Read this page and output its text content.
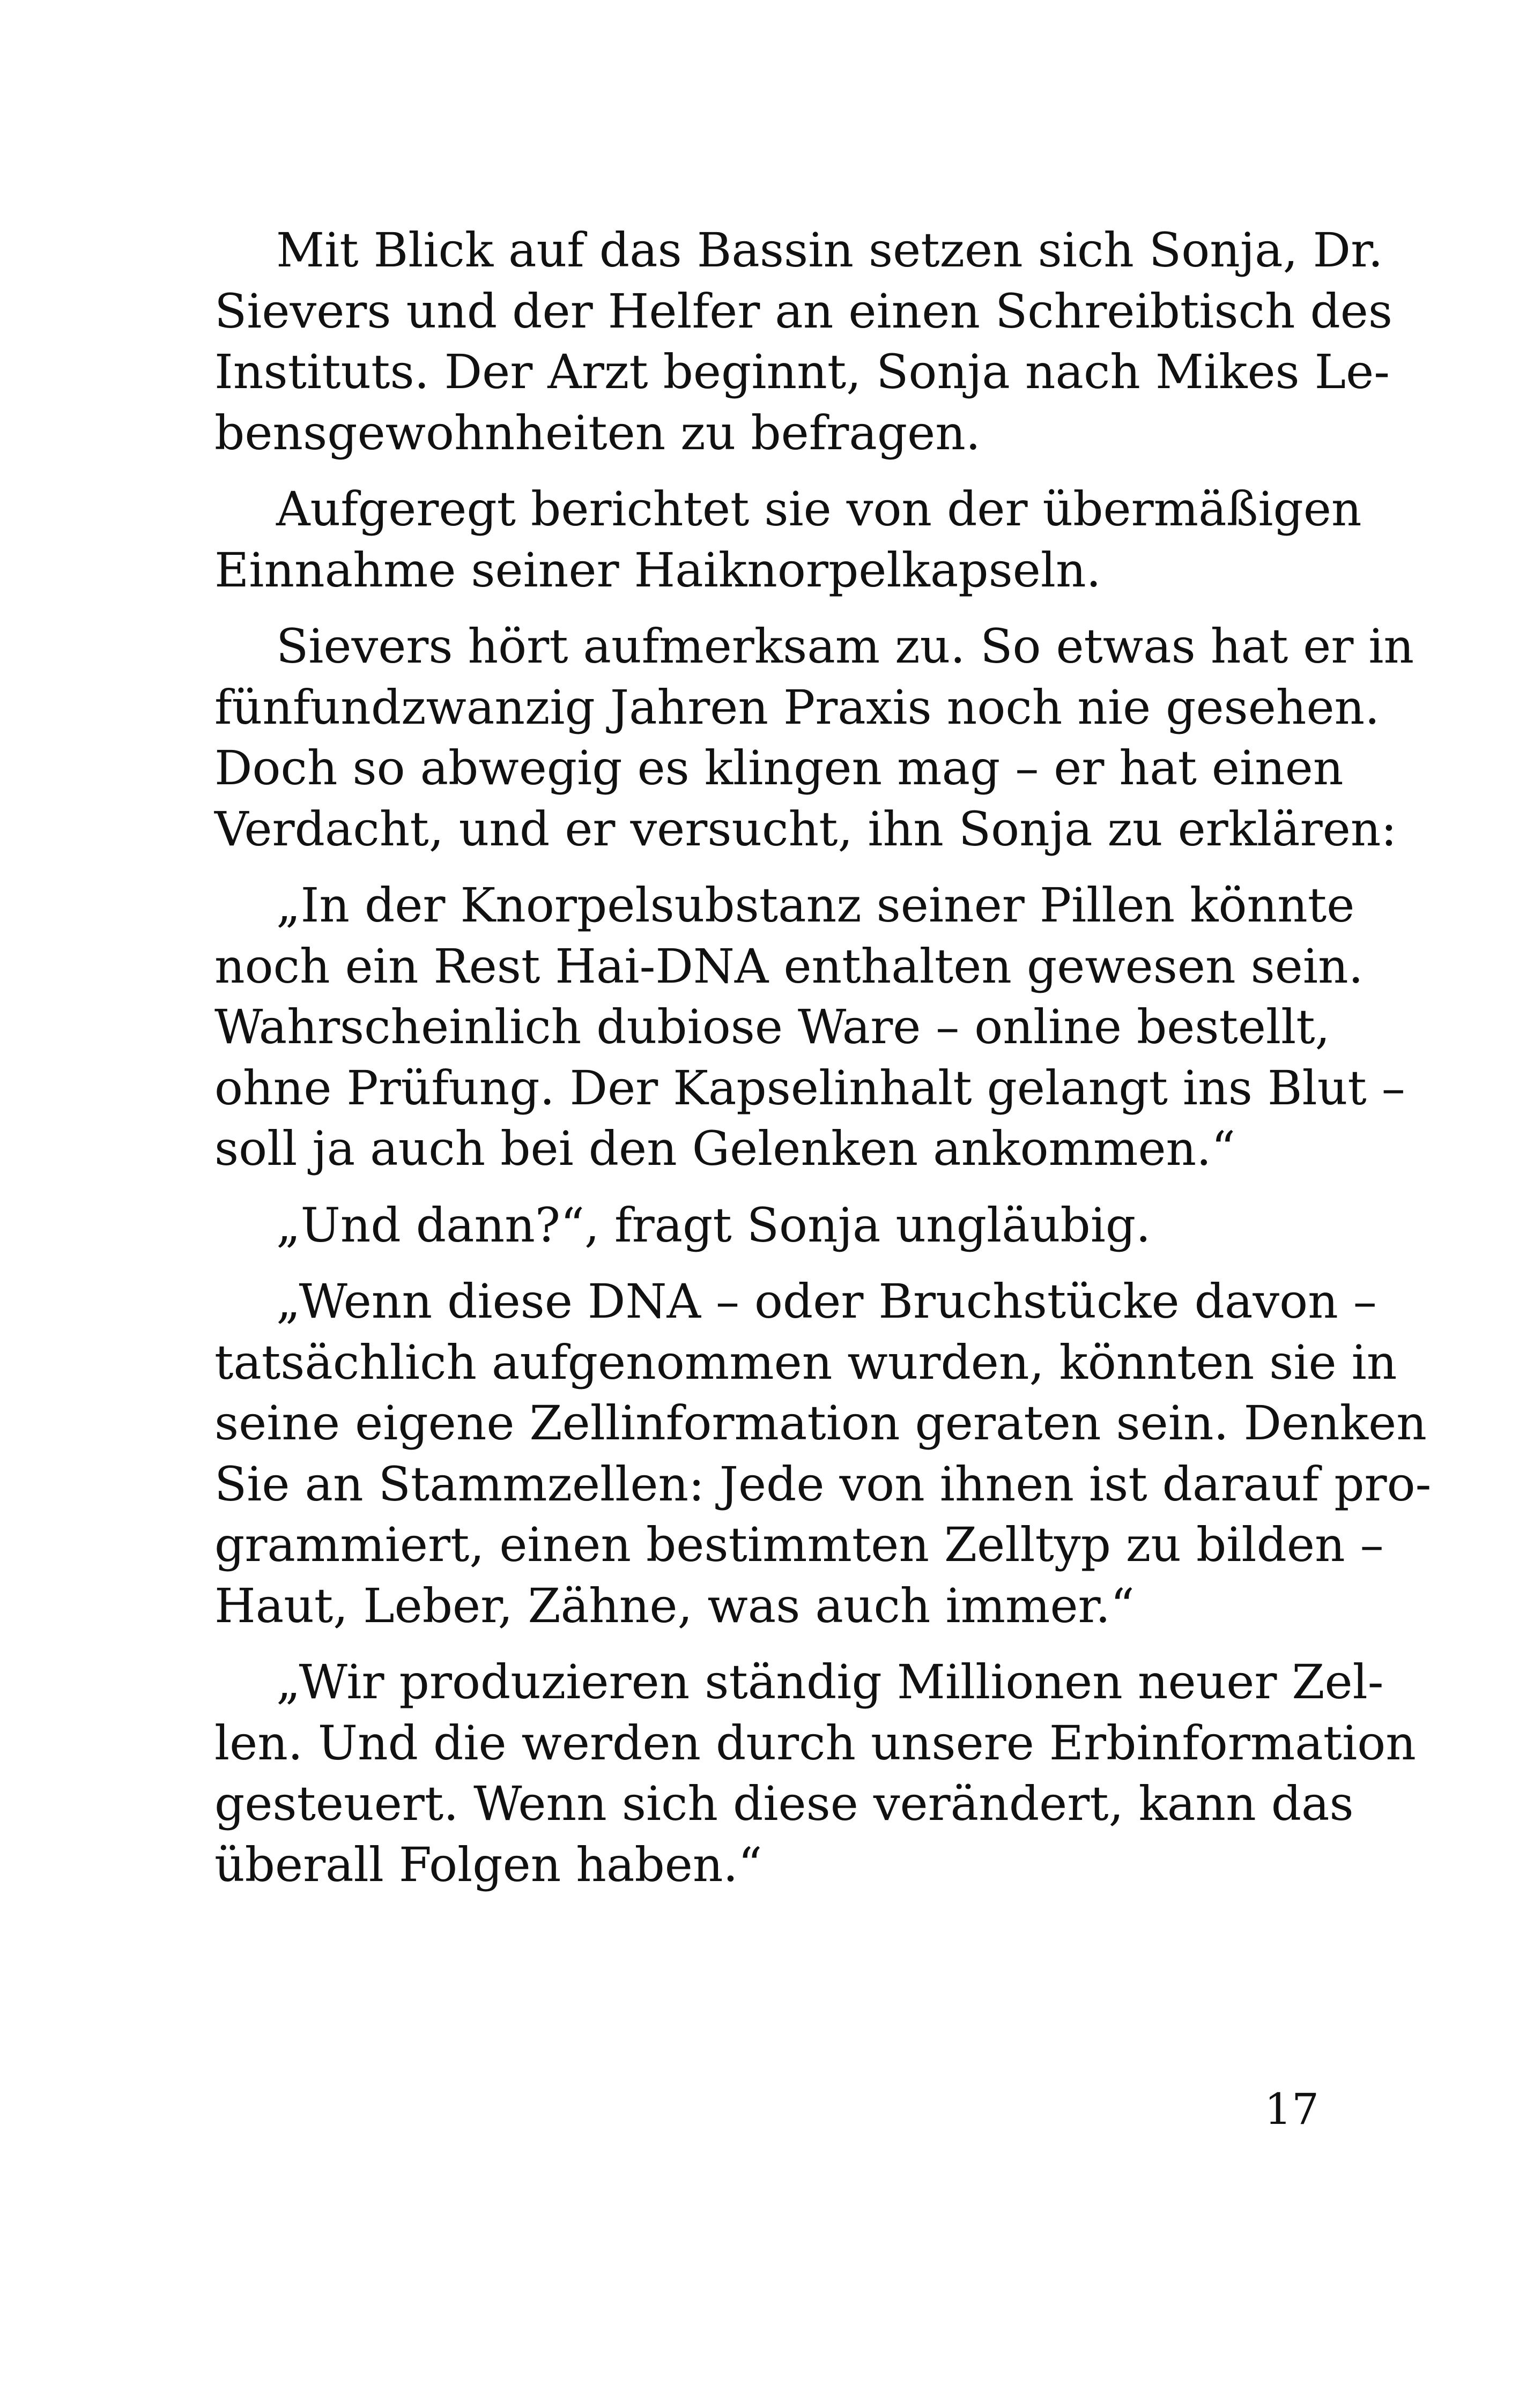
Mit Blick auf das Bassin setzen sich Sonja, Dr.
Sievers und der Helfer an einen Schreibtisch des
Instituts. Der Arzt beginnt, Sonja nach Mikes Le-
bensgewohnheiten zu befragen.
Aufgeregt berichtet sie von der übermäßigen
Einnahme seiner Haiknorpelkapseln.
Sievers hört aufmerksam zu. So etwas hat er in
fünfundzwanzig Jahren Praxis noch nie gesehen.
Doch so abwegig es klingen mag – er hat einen
Verdacht, und er versucht, ihn Sonja zu erklären:
„In der Knorpelsubstanz seiner Pillen könnte
noch ein Rest Hai-DNA enthalten gewesen sein.
Wahrscheinlich dubiose Ware – online bestellt,
ohne Prüfung. Der Kapselinhalt gelangt ins Blut –
soll ja auch bei den Gelenken ankommen.“
„Und dann?“, fragt Sonja ungläubig.
„Wenn diese DNA – oder Bruchstücke davon –
tatsächlich aufgenommen wurden, könnten sie in
seine eigene Zellinformation geraten sein. Denken
Sie an Stammzellen: Jede von ihnen ist darauf pro-
grammiert, einen bestimmten Zelltyp zu bilden –
Haut, Leber, Zähne, was auch immer.“
„Wir produzieren ständig Millionen neuer Zel-
len. Und die werden durch unsere Erbinformation
gesteuert. Wenn sich diese verändert, kann das
überall Folgen haben.“
17
